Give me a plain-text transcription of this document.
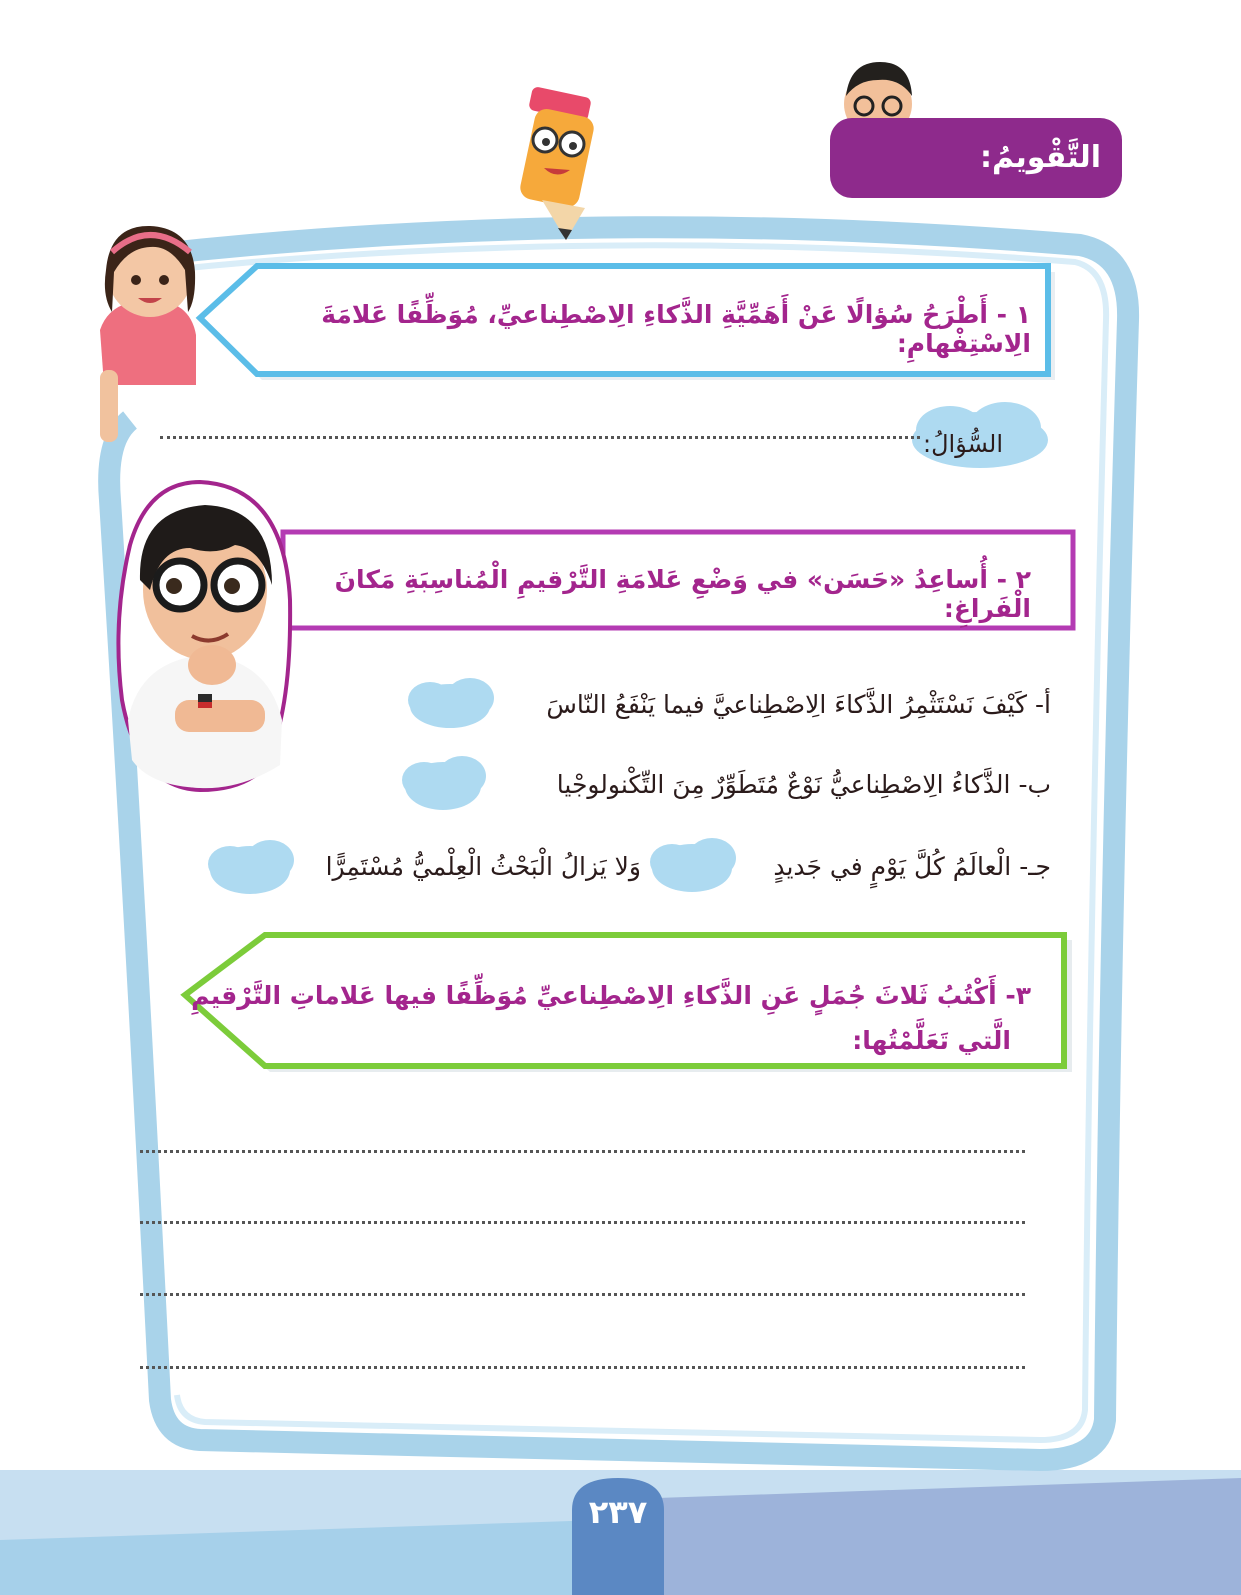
التَّقْويمُ:
١ - أَطْرَحُ سُؤالًا عَنْ أَهَمِّيَّةِ الذَّكاءِ الِاصْطِناعيِّ، مُوَظِّفًا عَلامَةَ الِاسْتِفْهامِ:
السُّؤالُ:
٢ - أُساعِدُ «حَسَن» في وَضْعِ عَلامَةِ التَّرْقيمِ الْمُناسِبَةِ مَكانَ الْفَراغِ:
أ- كَيْفَ نَسْتَثْمِرُ الذَّكاءَ الِاصْطِناعيَّ فيما يَنْفَعُ النّاسَ
ب- الذَّكاءُ الِاصْطِناعيُّ نَوْعٌ مُتَطَوِّرٌ مِنَ التِّكْنولوجْيا
جـ- الْعالَمُ كُلَّ يَوْمٍ في جَديدٍ
وَلا يَزالُ الْبَحْثُ الْعِلْميُّ مُسْتَمِرًّا
٣- أَكْتُبُ ثَلاثَ جُمَلٍ عَنِ الذَّكاءِ الِاصْطِناعيِّ مُوَظِّفًا فيها عَلاماتِ التَّرْقيمِ
الَّتي تَعَلَّمْتُها:
٢٣٧
